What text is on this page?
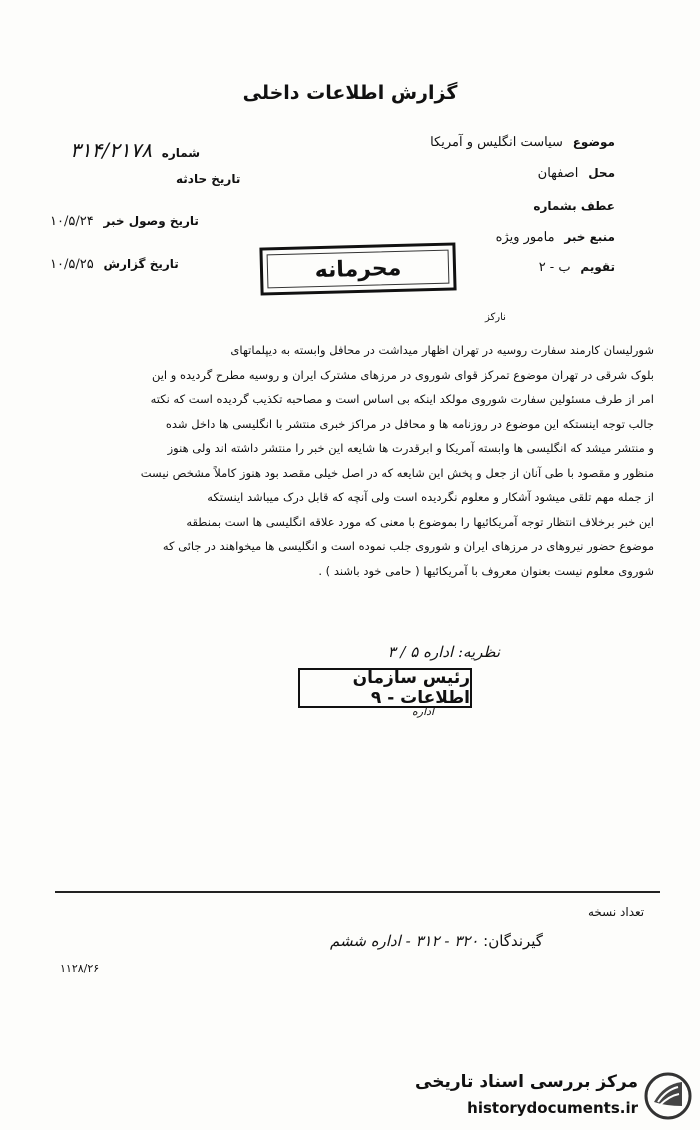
گزارش اطلاعات داخلی
موضوع سیاست انگلیس و آمریکا
محل اصفهان
عطف بشماره
منبع خبر مامور ویژه
تقویم ب - ۲
شماره ۳۱۴/۲۱۷۸
تاریخ حادثه
تاریخ وصول خبر ۱۰/۵/۲۴
تاریخ گزارش ۱۰/۵/۲۵	محرمانه
نارکز
شورلیسان کارمند سفارت روسیه در تهران اظهار میداشت در محافل وابسته به دیپلماتهای
بلوک شرقی در تهران موضوع تمرکز قوای شوروی در مرزهای مشترک ایران و روسیه مطرح گردیده و این
امر از طرف مسئولین سفارت شوروی مولکد اینکه بی اساس است و مصاحبه تکذیب گردیده است که نکته
جالب توجه اینستکه این موضوع در روزنامه ها و محافل در مراکز خبری منتشر با انگلیسی ها داخل شده
و منتشر میشد که انگلیسی ها وابسته آمریکا و ابرقدرت ها شایعه این خبر را منتشر داشته اند ولی هنوز
منظور و مقصود با طی آنان از جعل و پخش این شایعه که در اصل خیلی مقصد بود هنوز کاملاً مشخص نیست
از جمله مهم تلقی میشود آشکار و معلوم نگردیده است ولی آنچه که قابل درک میباشد اینستکه
این خبر برخلاف انتظار توجه آمریکائیها را بموضوع با معنی که مورد علاقه انگلیسی ها است بمنطقه
موضوع حضور نیروهای در مرزهای ایران و شوروی جلب نموده است و انگلیسی ها میخواهند در جائی که
شوروی معلوم نیست بعنوان معروف با آمریکائیها ( حامی خود باشند ) .
نظریه: اداره ۵ / ۳
رئیس سازمان اطلاعات - ۹
اداره
تعداد نسخه
گیرندگان: ۳۲۰ - ۳۱۲ - اداره ششم
۱۱۲۸/۲۶
مرکز بررسی اسناد تاریخی
historydocuments.ir
